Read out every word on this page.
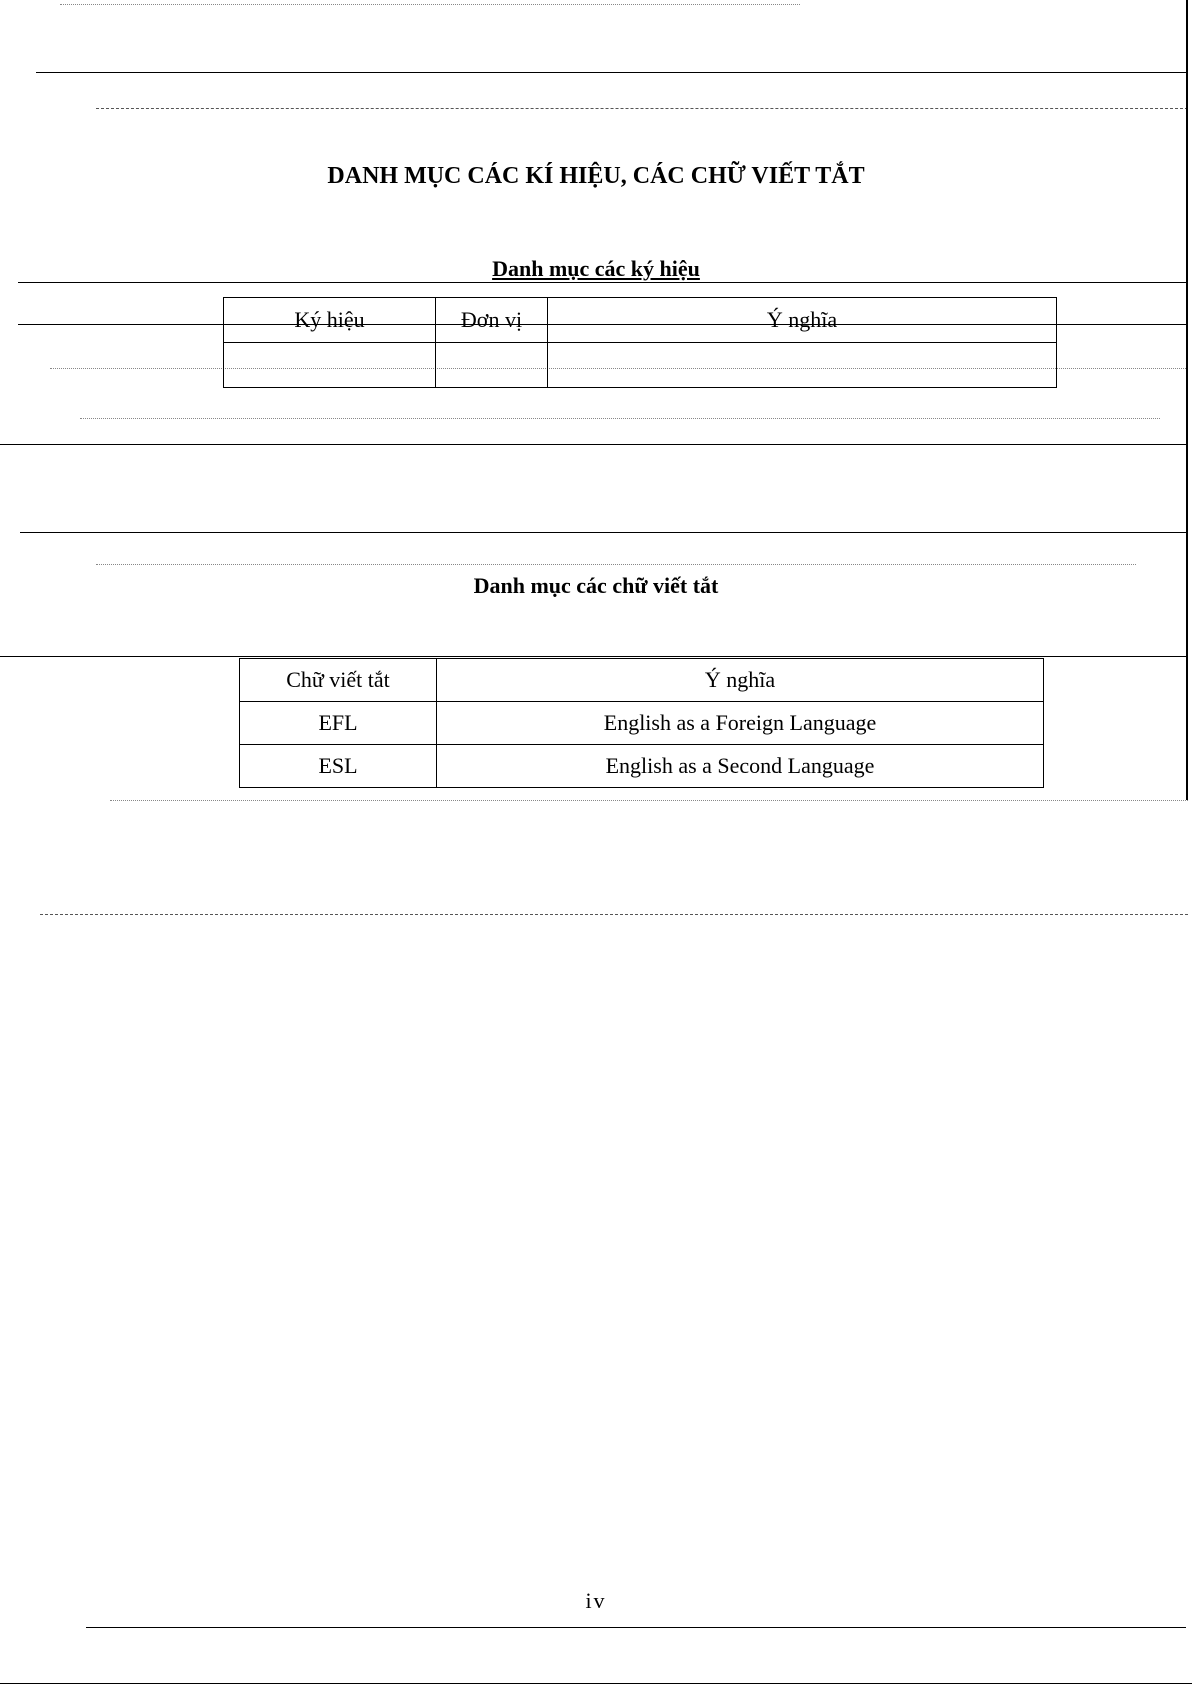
DANH MỤC CÁC KÍ HIỆU, CÁC CHỮ VIẾT TẮT
Danh mục các ký hiệu
Ký hiệu	Đơn vị	Ý nghĩa

Danh mục các chữ viết tắt
Chữ viết tắt	Ý nghĩa
EFL	English as a Foreign Language
ESL	English as a Second Language
iv
